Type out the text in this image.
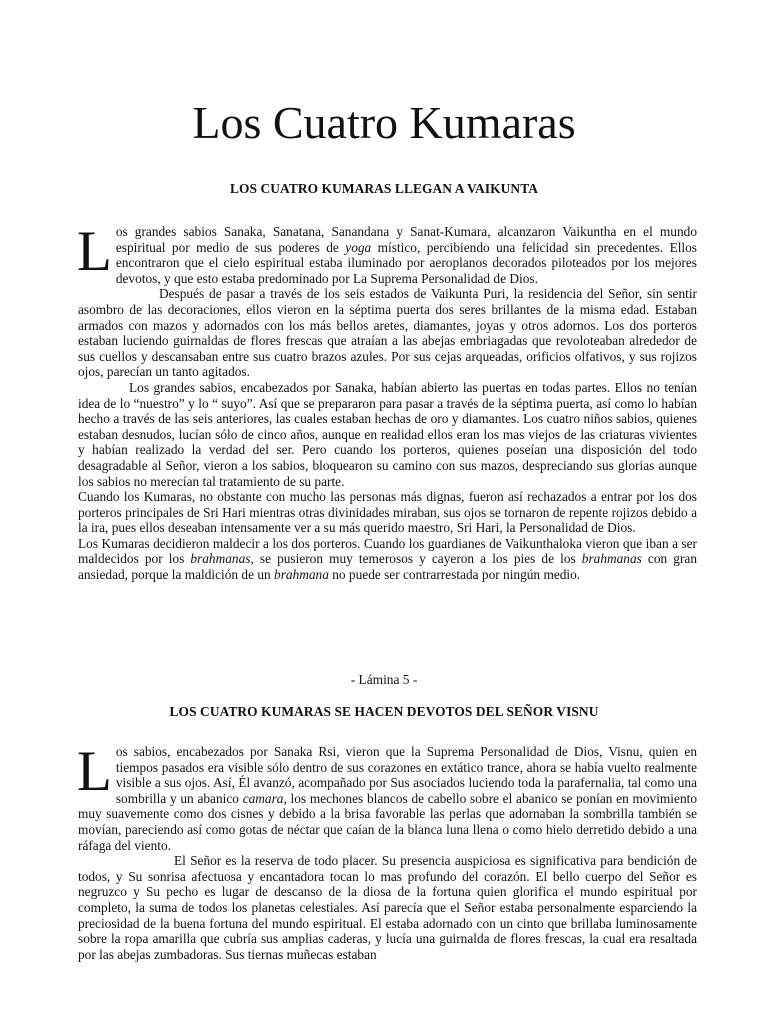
Los Cuatro Kumaras
LOS CUATRO KUMARAS LLEGAN A VAIKUNTA
L os grandes sabios Sanaka, Sanatana, Sanandana y Sanat-Kumara, alcanzaron Vaikuntha en el mundo espiritual por medio de sus poderes de yoga místico, percibiendo una felicidad sin precedentes. Ellos encontraron que el cielo espiritual estaba iluminado por aeroplanos decorados piloteados por los mejores devotos, y que esto estaba predominado por La Suprema Personalidad de Dios.

Después de pasar a través de los seis estados de Vaikunta Puri, la residencia del Señor, sin sentir asombro de las decoraciones, ellos vieron en la séptima puerta dos seres brillantes de la misma edad. Estaban armados con mazos y adornados con los más bellos aretes, diamantes, joyas y otros adornos. Los dos porteros estaban luciendo guirnaldas de flores frescas que atraían a las abejas embriagadas que revoloteaban alrededor de sus cuellos y descansaban entre sus cuatro brazos azules. Por sus cejas arqueadas, orificios olfativos, y sus rojizos ojos, parecían un tanto agitados.

Los grandes sabios, encabezados por Sanaka, habían abierto las puertas en todas partes. Ellos no tenían idea de lo “nuestro” y lo “ suyo”. Así que se prepararon para pasar a través de la séptima puerta, así como lo habían hecho a través de las seis anteriores, las cuales estaban hechas de oro y diamantes. Los cuatro niños sabios, quienes estaban desnudos, lucían sólo de cinco años, aunque en realidad ellos eran los mas viejos de las criaturas vivientes y habían realizado la verdad del ser. Pero cuando los porteros, quienes poseían una disposición del todo desagradable al Señor, vieron a los sabios, bloquearon su camino con sus mazos, despreciando sus glorias aunque los sabios no merecían tal tratamiento de su parte.

Cuando los Kumaras, no obstante con mucho las personas más dignas, fueron así rechazados a entrar por los dos porteros principales de Sri Hari mientras otras divinidades miraban, sus ojos se tornaron de repente rojizos debido a la ira, pues ellos deseaban intensamente ver a su más querido maestro, Sri Hari, la Personalidad de Dios.

Los Kumaras decidieron maldecir a los dos porteros. Cuando los guardianes de Vaikunthaloka vieron que iban a ser maldecidos por los brahmanas, se pusieron muy temerosos y cayeron a los pies de los brahmanas con gran ansiedad, porque la maldición de un brahmana no puede ser contrarrestada por ningún medio.

- Lámina 5 -
LOS CUATRO KUMARAS SE HACEN DEVOTOS DEL SEÑOR VISNU
L os sabios, encabezados por Sanaka Rsi, vieron que la Suprema Personalidad de Dios, Visnu, quien en tiempos pasados era visible sólo dentro de sus corazones en extático trance, ahora se había vuelto realmente visible a sus ojos. Así, Él avanzó, acompañado por Sus asociados luciendo toda la parafernalia, tal como una sombrilla y un abanico camara, los mechones blancos de cabello sobre el abanico se ponían en movimiento muy suavemente como dos cisnes y debido a la brisa favorable las perlas que adornaban la sombrilla también se movían, pareciendo así como gotas de néctar que caían de la blanca luna llena o como hielo derretido debido a una ráfaga del viento.

El Señor es la reserva de todo placer. Su presencia auspiciosa es significativa para bendición de todos, y Su sonrisa afectuosa y encantadora tocan lo mas profundo del corazón. El bello cuerpo del Señor es negruzco y Su pecho es lugar de descanso de la diosa de la fortuna quien glorifica el mundo espiritual por completo, la suma de todos los planetas celestiales. Así parecía que el Señor estaba personalmente esparciendo la preciosidad de la buena fortuna del mundo espiritual. El estaba adornado con un cinto que brillaba luminosamente sobre la ropa amarilla que cubría sus amplias caderas, y lucía una guirnalda de flores frescas, la cual era resaltada por las abejas zumbadoras. Sus tiernas muñecas estaban
